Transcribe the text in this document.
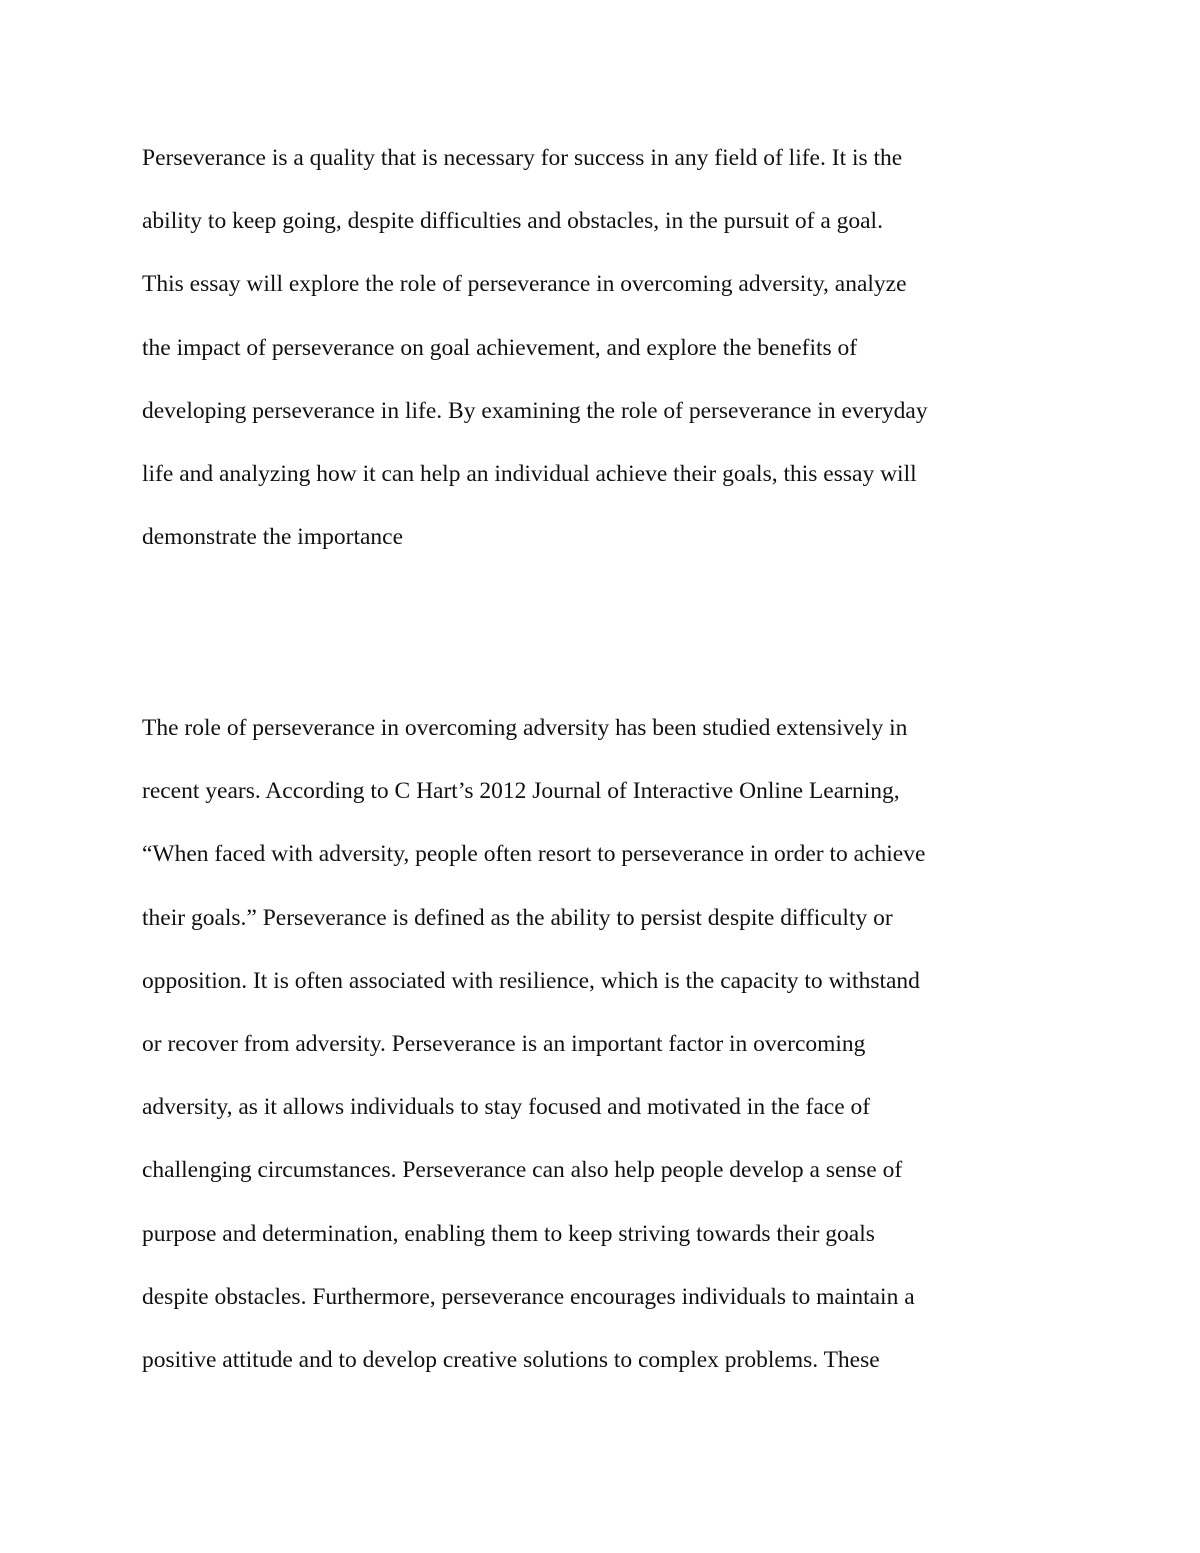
Perseverance is a quality that is necessary for success in any field of life. It is the
ability to keep going, despite difficulties and obstacles, in the pursuit of a goal.
This essay will explore the role of perseverance in overcoming adversity, analyze
the impact of perseverance on goal achievement, and explore the benefits of
developing perseverance in life. By examining the role of perseverance in everyday
life and analyzing how it can help an individual achieve their goals, this essay will
demonstrate the importance
The role of perseverance in overcoming adversity has been studied extensively in
recent years. According to C Hart’s 2012 Journal of Interactive Online Learning,
“When faced with adversity, people often resort to perseverance in order to achieve
their goals.” Perseverance is defined as the ability to persist despite difficulty or
opposition. It is often associated with resilience, which is the capacity to withstand
or recover from adversity. Perseverance is an important factor in overcoming
adversity, as it allows individuals to stay focused and motivated in the face of
challenging circumstances. Perseverance can also help people develop a sense of
purpose and determination, enabling them to keep striving towards their goals
despite obstacles. Furthermore, perseverance encourages individuals to maintain a
positive attitude and to develop creative solutions to complex problems. These
